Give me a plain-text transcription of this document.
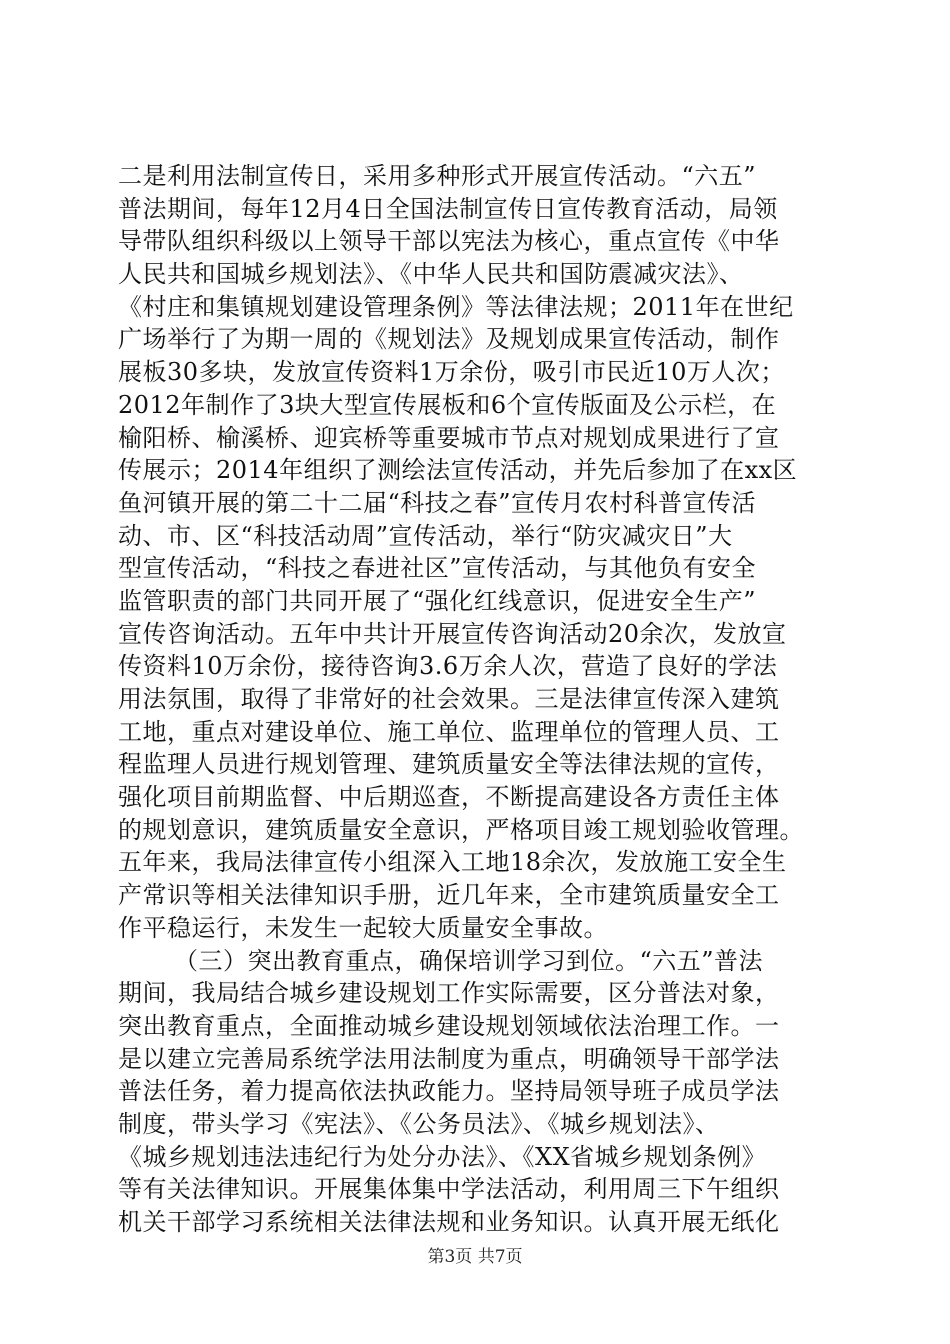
二是利用法制宣传日，采用多种形式开展宣传活动。“六五”
普法期间，每年12月4日全国法制宣传日宣传教育活动，局领
导带队组织科级以上领导干部以宪法为核心，重点宣传《中华
人民共和国城乡规划法》、《中华人民共和国防震减灾法》、
《村庄和集镇规划建设管理条例》等法律法规；2011年在世纪
广场举行了为期一周的《规划法》及规划成果宣传活动，制作
展板30多块，发放宣传资料1万余份，吸引市民近10万人次；
2012年制作了3块大型宣传展板和6个宣传版面及公示栏，在
榆阳桥、榆溪桥、迎宾桥等重要城市节点对规划成果进行了宣
传展示；2014年组织了测绘法宣传活动，并先后参加了在xx区
鱼河镇开展的第二十二届“科技之春”宣传月农村科普宣传活
动、市、区“科技活动周”宣传活动，举行“防灾减灾日”大
型宣传活动，“科技之春进社区”宣传活动，与其他负有安全
监管职责的部门共同开展了“强化红线意识，促进安全生产”
宣传咨询活动。五年中共计开展宣传咨询活动20余次，发放宣
传资料10万余份，接待咨询3.6万余人次，营造了良好的学法
用法氛围，取得了非常好的社会效果。三是法律宣传深入建筑
工地，重点对建设单位、施工单位、监理单位的管理人员、工
程监理人员进行规划管理、建筑质量安全等法律法规的宣传，
强化项目前期监督、中后期巡查，不断提高建设各方责任主体
的规划意识，建筑质量安全意识，严格项目竣工规划验收管理。
五年来，我局法律宣传小组深入工地18余次，发放施工安全生
产常识等相关法律知识手册，近几年来，全市建筑质量安全工
作平稳运行，未发生一起较大质量安全事故。
（三）突出教育重点，确保培训学习到位。“六五”普法
期间，我局结合城乡建设规划工作实际需要，区分普法对象，
突出教育重点，全面推动城乡建设规划领域依法治理工作。一
是以建立完善局系统学法用法制度为重点，明确领导干部学法
普法任务，着力提高依法执政能力。坚持局领导班子成员学法
制度，带头学习《宪法》、《公务员法》、《城乡规划法》、
《城乡规划违法违纪行为处分办法》、《XX省城乡规划条例》
等有关法律知识。开展集体集中学法活动，利用周三下午组织
机关干部学习系统相关法律法规和业务知识。认真开展无纸化
第3页 共7页
